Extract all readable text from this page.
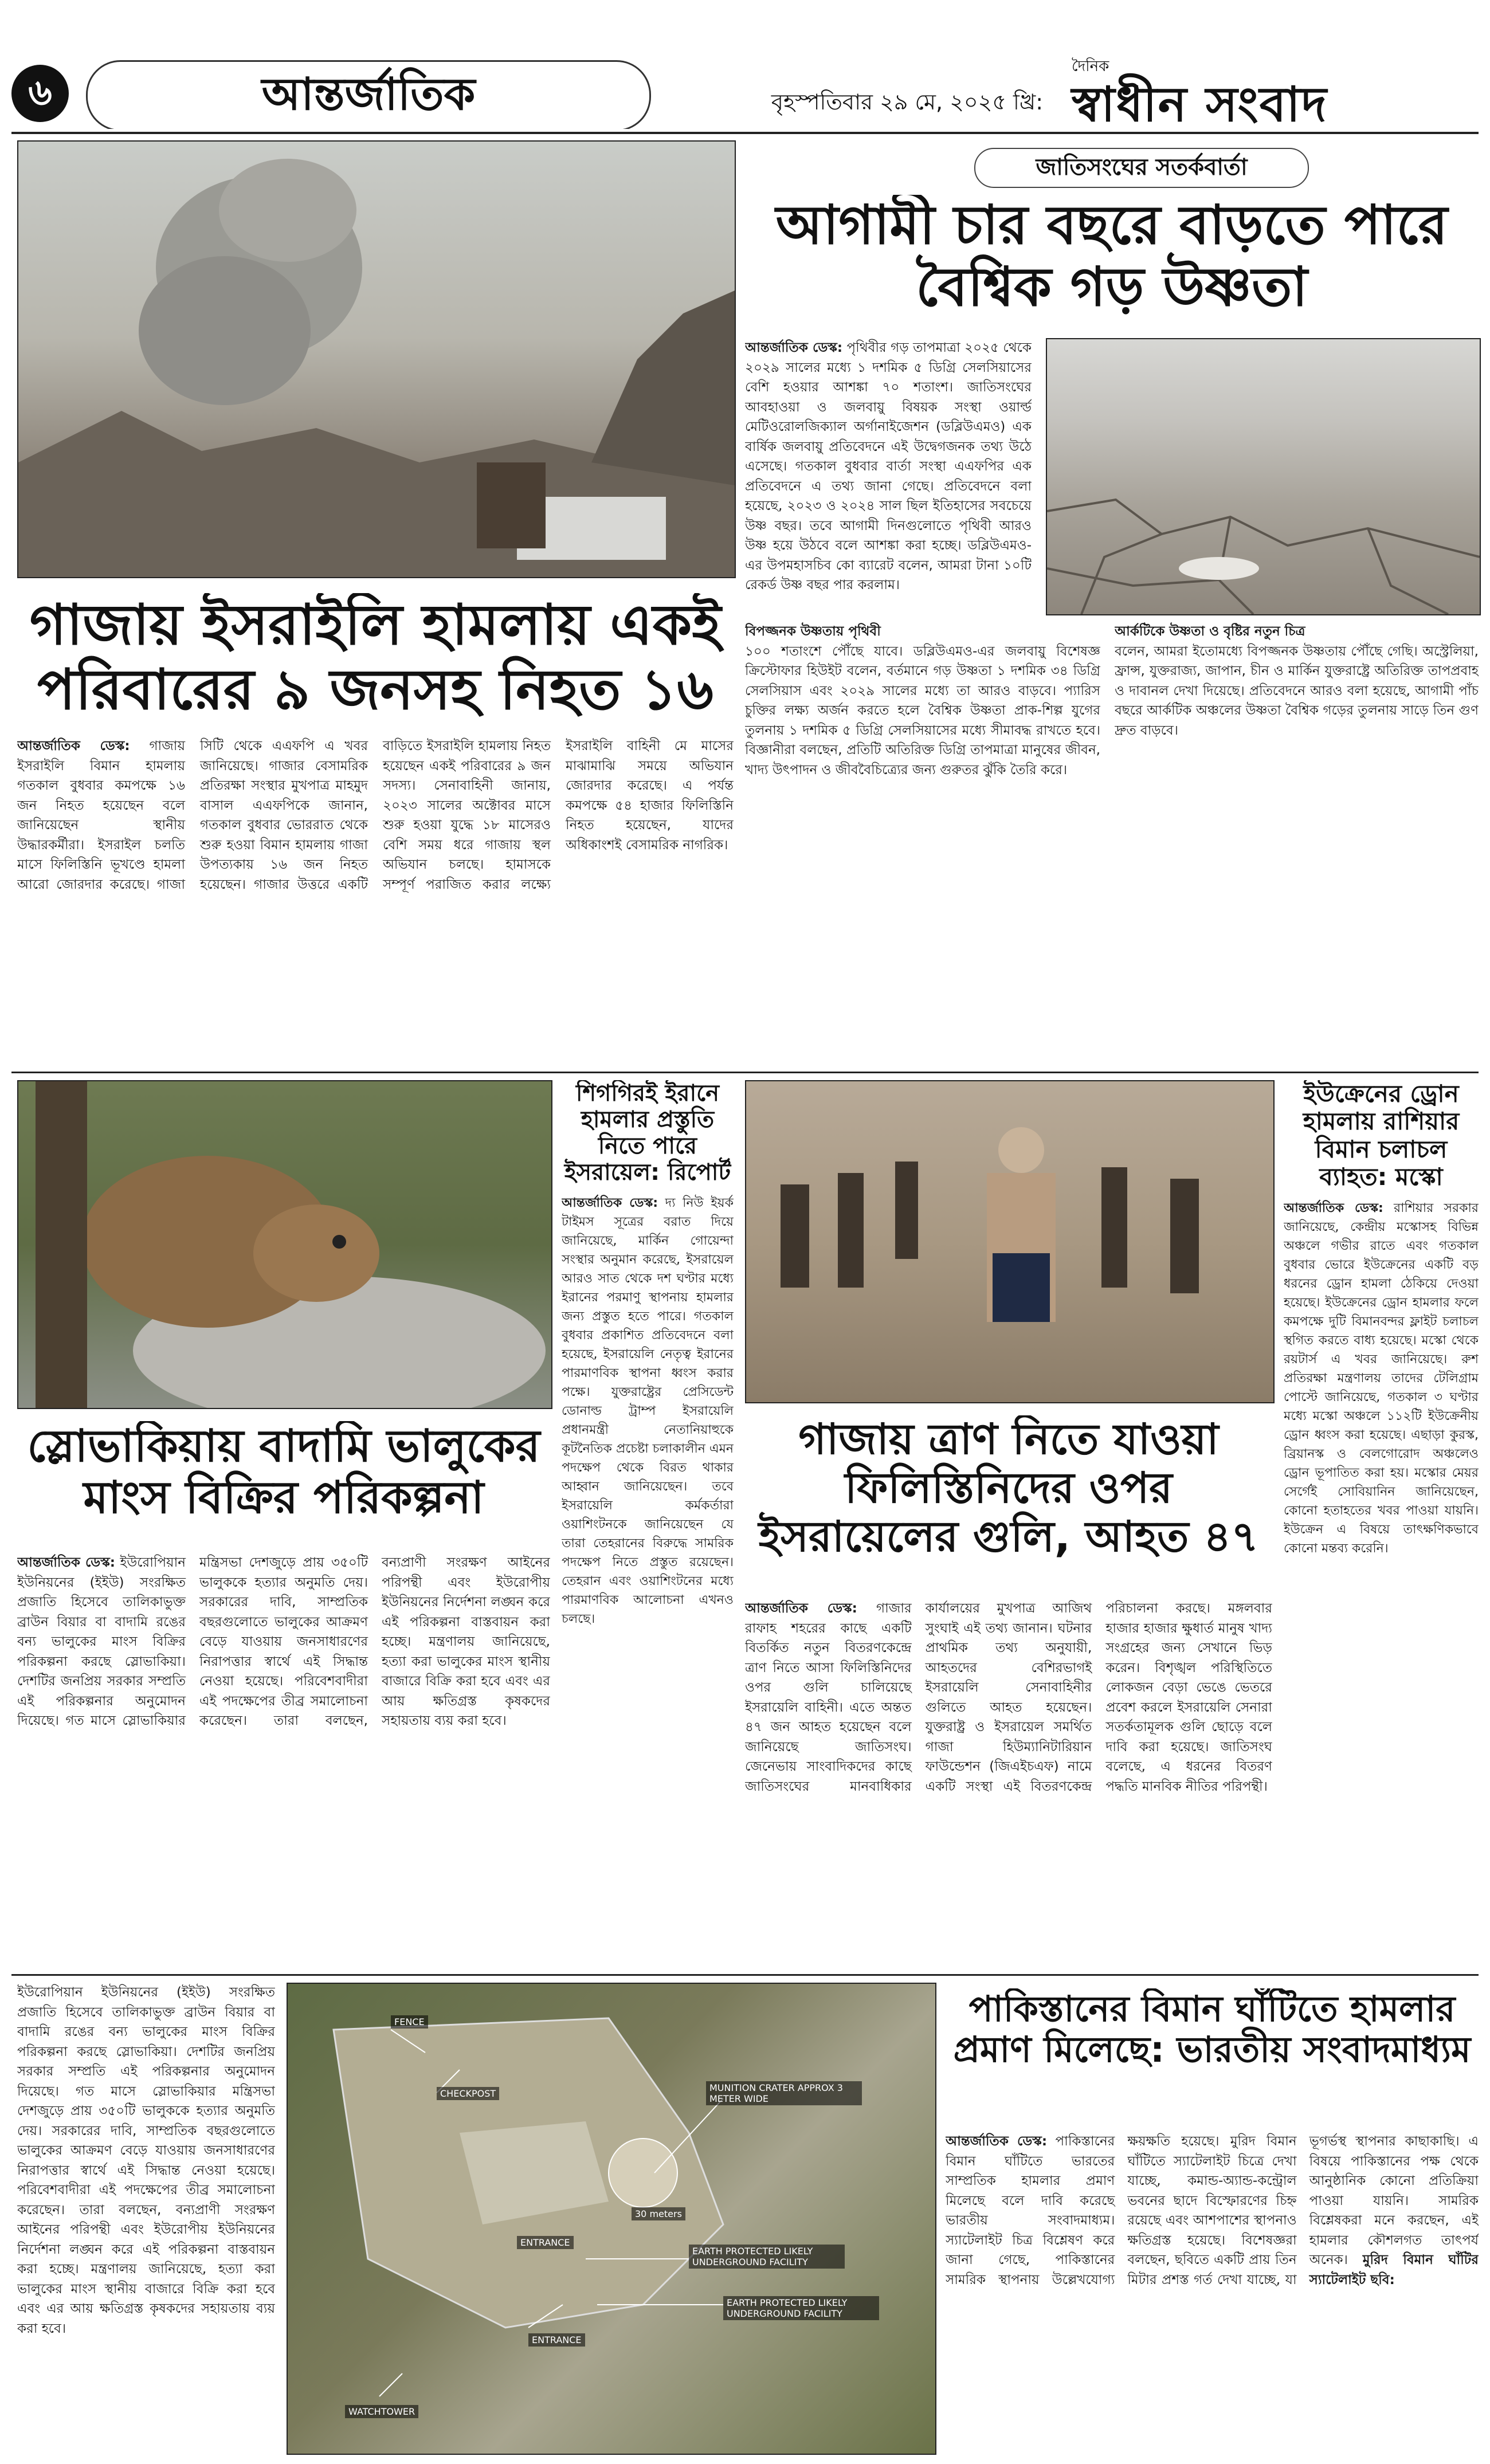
৬	আন্তর্জাতিক	বৃহস্পতিবার ২৯ মে, ২০২৫ খ্রি:
দৈনিক
স্বাধীন সংবাদ
গাজায় ইসরাইলি হামলায় একই পরিবারের ৯ জনসহ নিহত ১৬
আন্তর্জাতিক ডেস্ক: গাজায় ইসরাইলি বিমান হামলায় গতকাল বুধবার কমপক্ষে ১৬ জন নিহত হয়েছেন বলে জানিয়েছেন স্থানীয় উদ্ধারকর্মীরা। ইসরাইল চলতি মাসে ফিলিস্তিনি ভূখণ্ডে হামলা আরো জোরদার করেছে। গাজা সিটি থেকে এএফপি এ খবর জানিয়েছে। গাজার বেসামরিক প্রতিরক্ষা সংস্থার মুখপাত্র মাহমুদ বাসাল এএফপিকে জানান, গতকাল বুধবার ভোররাত থেকে শুরু হওয়া বিমান হামলায় গাজা উপত্যকায় ১৬ জন নিহত হয়েছেন। গাজার উত্তরে একটি বাড়িতে ইসরাইলি হামলায় নিহত হয়েছেন একই পরিবারের ৯ জন সদস্য। সেনাবাহিনী জানায়, ২০২৩ সালের অক্টোবর মাসে শুরু হওয়া যুদ্ধে ১৮ মাসেরও বেশি সময় ধরে গাজায় স্থল অভিযান চলছে। হামাসকে সম্পূর্ণ পরাজিত করার লক্ষ্যে ইসরাইলি বাহিনী মে মাসের মাঝামাঝি সময়ে অভিযান জোরদার করেছে। এ পর্যন্ত কমপক্ষে ৫৪ হাজার ফিলিস্তিনি নিহত হয়েছেন, যাদের অধিকাংশই বেসামরিক নাগরিক।
জাতিসংঘের সতর্কবার্তা
আগামী চার বছরে বাড়তে পারে বৈশ্বিক গড় উষ্ণতা
আন্তর্জাতিক ডেস্ক: পৃথিবীর গড় তাপমাত্রা ২০২৫ থেকে ২০২৯ সালের মধ্যে ১ দশমিক ৫ ডিগ্রি সেলসিয়াসের বেশি হওয়ার আশঙ্কা ৭০ শতাংশ। জাতিসংঘের আবহাওয়া ও জলবায়ু বিষয়ক সংস্থা ওয়ার্ল্ড মেটিওরোলজিক্যাল অর্গানাইজেশন (ডব্লিউএমও) এক বার্ষিক জলবায়ু প্রতিবেদনে এই উদ্বেগজনক তথ্য উঠে এসেছে। গতকাল বুধবার বার্তা সংস্থা এএফপির এক প্রতিবেদনে এ তথ্য জানা গেছে। প্রতিবেদনে বলা হয়েছে, ২০২৩ ও ২০২৪ সাল ছিল ইতিহাসের সবচেয়ে উষ্ণ বছর। তবে আগামী দিনগুলোতে পৃথিবী আরও উষ্ণ হয়ে উঠবে বলে আশঙ্কা করা হচ্ছে। ডব্লিউএমও-এর উপমহাসচিব কো ব্যারেট বলেন, আমরা টানা ১০টি রেকর্ড উষ্ণ বছর পার করলাম।
বিপজ্জনক উষ্ণতায় পৃথিবী
১০০ শতাংশে পৌঁছে যাবে। ডব্লিউএমও-এর জলবায়ু বিশেষজ্ঞ ক্রিস্টোফার হিউইট বলেন, বর্তমানে গড় উষ্ণতা ১ দশমিক ৩৪ ডিগ্রি সেলসিয়াস এবং ২০২৯ সালের মধ্যে তা আরও বাড়বে। প্যারিস চুক্তির লক্ষ্য অর্জন করতে হলে বৈশ্বিক উষ্ণতা প্রাক-শিল্প যুগের তুলনায় ১ দশমিক ৫ ডিগ্রি সেলসিয়াসের মধ্যে সীমাবদ্ধ রাখতে হবে। বিজ্ঞানীরা বলছেন, প্রতিটি অতিরিক্ত ডিগ্রি তাপমাত্রা মানুষের জীবন, খাদ্য উৎপাদন ও জীববৈচিত্র্যের জন্য গুরুতর ঝুঁকি তৈরি করে।
আর্কটিকে উষ্ণতা ও বৃষ্টির নতুন চিত্র
বলেন, আমরা ইতোমধ্যে বিপজ্জনক উষ্ণতায় পৌঁছে গেছি। অস্ট্রেলিয়া, ফ্রান্স, যুক্তরাজ্য, জাপান, চীন ও মার্কিন যুক্তরাষ্ট্রে অতিরিক্ত তাপপ্রবাহ ও দাবানল দেখা দিয়েছে। প্রতিবেদনে আরও বলা হয়েছে, আগামী পাঁচ বছরে আর্কটিক অঞ্চলের উষ্ণতা বৈশ্বিক গড়ের তুলনায় সাড়ে তিন গুণ দ্রুত বাড়বে।
শিগগিরই ইরানে হামলার প্রস্তুতি নিতে পারে ইসরায়েল: রিপোর্ট
আন্তর্জাতিক ডেস্ক: দ্য নিউ ইয়র্ক টাইমস সূত্রের বরাত দিয়ে জানিয়েছে, মার্কিন গোয়েন্দা সংস্থার অনুমান করেছে, ইসরায়েল আরও সাত থেকে দশ ঘণ্টার মধ্যে ইরানের পরমাণু স্থাপনায় হামলার জন্য প্রস্তুত হতে পারে। গতকাল বুধবার প্রকাশিত প্রতিবেদনে বলা হয়েছে, ইসরায়েলি নেতৃত্ব ইরানের পারমাণবিক স্থাপনা ধ্বংস করার পক্ষে। যুক্তরাষ্ট্রের প্রেসিডেন্ট ডোনাল্ড ট্রাম্প ইসরায়েলি প্রধানমন্ত্রী নেতানিয়াহুকে কূটনৈতিক প্রচেষ্টা চলাকালীন এমন পদক্ষেপ থেকে বিরত থাকার আহ্বান জানিয়েছেন। তবে ইসরায়েলি কর্মকর্তারা ওয়াশিংটনকে জানিয়েছেন যে তারা তেহরানের বিরুদ্ধে সামরিক পদক্ষেপ নিতে প্রস্তুত রয়েছেন। তেহরান এবং ওয়াশিংটনের মধ্যে পারমাণবিক আলোচনা এখনও চলছে।
স্লোভাকিয়ায় বাদামি ভালুকের মাংস বিক্রির পরিকল্পনা
আন্তর্জাতিক ডেস্ক: ইউরোপিয়ান ইউনিয়নের (ইইউ) সংরক্ষিত প্রজাতি হিসেবে তালিকাভুক্ত ব্রাউন বিয়ার বা বাদামি রঙের বন্য ভালুকের মাংস বিক্রির পরিকল্পনা করছে স্লোভাকিয়া। দেশটির জনপ্রিয় সরকার সম্প্রতি এই পরিকল্পনার অনুমোদন দিয়েছে। গত মাসে স্লোভাকিয়ার মন্ত্রিসভা দেশজুড়ে প্রায় ৩৫০টি ভালুককে হত্যার অনুমতি দেয়। সরকারের দাবি, সাম্প্রতিক বছরগুলোতে ভালুকের আক্রমণ বেড়ে যাওয়ায় জনসাধারণের নিরাপত্তার স্বার্থে এই সিদ্ধান্ত নেওয়া হয়েছে। পরিবেশবাদীরা এই পদক্ষেপের তীব্র সমালোচনা করেছেন। তারা বলছেন, বন্যপ্রাণী সংরক্ষণ আইনের পরিপন্থী এবং ইউরোপীয় ইউনিয়নের নির্দেশনা লঙ্ঘন করে এই পরিকল্পনা বাস্তবায়ন করা হচ্ছে। মন্ত্রণালয় জানিয়েছে, হত্যা করা ভালুকের মাংস স্থানীয় বাজারে বিক্রি করা হবে এবং এর আয় ক্ষতিগ্রস্ত কৃষকদের সহায়তায় ব্যয় করা হবে।
ইউক্রেনের ড্রোন হামলায় রাশিয়ার বিমান চলাচল ব্যাহত: মস্কো
আন্তর্জাতিক ডেস্ক: রাশিয়ার সরকার জানিয়েছে, কেন্দ্রীয় মস্কোসহ বিভিন্ন অঞ্চলে গভীর রাতে এবং গতকাল বুধবার ভোরে ইউক্রেনের একটি বড় ধরনের ড্রোন হামলা ঠেকিয়ে দেওয়া হয়েছে। ইউক্রেনের ড্রোন হামলার ফলে কমপক্ষে দুটি বিমানবন্দর ফ্লাইট চলাচল স্থগিত করতে বাধ্য হয়েছে। মস্কো থেকে রয়টার্স এ খবর জানিয়েছে। রুশ প্রতিরক্ষা মন্ত্রণালয় তাদের টেলিগ্রাম পোস্টে জানিয়েছে, গতকাল ৩ ঘণ্টার মধ্যে মস্কো অঞ্চলে ১১২টি ইউক্রেনীয় ড্রোন ধ্বংস করা হয়েছে। এছাড়া কুরস্ক, ব্রিয়ানস্ক ও বেলগোরোদ অঞ্চলেও ড্রোন ভূপাতিত করা হয়। মস্কোর মেয়র সের্গেই সোবিয়ানিন জানিয়েছেন, কোনো হতাহতের খবর পাওয়া যায়নি। ইউক্রেন এ বিষয়ে তাৎক্ষণিকভাবে কোনো মন্তব্য করেনি।
গাজায় ত্রাণ নিতে যাওয়া ফিলিস্তিনিদের ওপর ইসরায়েলের গুলি, আহত ৪৭
আন্তর্জাতিক ডেস্ক: গাজার রাফাহ শহরের কাছে একটি বিতর্কিত নতুন বিতরণকেন্দ্রে ত্রাণ নিতে আসা ফিলিস্তিনিদের ওপর গুলি চালিয়েছে ইসরায়েলি বাহিনী। এতে অন্তত ৪৭ জন আহত হয়েছেন বলে জানিয়েছে জাতিসংঘ। জেনেভায় সাংবাদিকদের কাছে জাতিসংঘের মানবাধিকার কার্যালয়ের মুখপাত্র আজিথ সুংঘাই এই তথ্য জানান। ঘটনার প্রাথমিক তথ্য অনুযায়ী, আহতদের বেশিরভাগই ইসরায়েলি সেনাবাহিনীর গুলিতে আহত হয়েছেন। যুক্তরাষ্ট্র ও ইসরায়েল সমর্থিত গাজা হিউম্যানিটারিয়ান ফাউন্ডেশন (জিএইচএফ) নামে একটি সংস্থা এই বিতরণকেন্দ্র পরিচালনা করছে। মঙ্গলবার হাজার হাজার ক্ষুধার্ত মানুষ খাদ্য সংগ্রহের জন্য সেখানে ভিড় করেন। বিশৃঙ্খল পরিস্থিতিতে লোকজন বেড়া ভেঙে ভেতরে প্রবেশ করলে ইসরায়েলি সেনারা সতর্কতামূলক গুলি ছোড়ে বলে দাবি করা হয়েছে। জাতিসংঘ বলেছে, এ ধরনের বিতরণ পদ্ধতি মানবিক নীতির পরিপন্থী।
FENCE
CHECKPOST
ENTRANCE
ENTRANCE
MUNITION CRATER APPROX 3 METER WIDE
30 meters
EARTH PROTECTED LIKELY UNDERGROUND FACILITY
EARTH PROTECTED LIKELY UNDERGROUND FACILITY
WATCHTOWER
ইউরোপিয়ান ইউনিয়নের (ইইউ) সংরক্ষিত প্রজাতি হিসেবে তালিকাভুক্ত ব্রাউন বিয়ার বা বাদামি রঙের বন্য ভালুকের মাংস বিক্রির পরিকল্পনা করছে স্লোভাকিয়া। দেশটির জনপ্রিয় সরকার সম্প্রতি এই পরিকল্পনার অনুমোদন দিয়েছে। গত মাসে স্লোভাকিয়ার মন্ত্রিসভা দেশজুড়ে প্রায় ৩৫০টি ভালুককে হত্যার অনুমতি দেয়। সরকারের দাবি, সাম্প্রতিক বছরগুলোতে ভালুকের আক্রমণ বেড়ে যাওয়ায় জনসাধারণের নিরাপত্তার স্বার্থে এই সিদ্ধান্ত নেওয়া হয়েছে। পরিবেশবাদীরা এই পদক্ষেপের তীব্র সমালোচনা করেছেন। তারা বলছেন, বন্যপ্রাণী সংরক্ষণ আইনের পরিপন্থী এবং ইউরোপীয় ইউনিয়নের নির্দেশনা লঙ্ঘন করে এই পরিকল্পনা বাস্তবায়ন করা হচ্ছে। মন্ত্রণালয় জানিয়েছে, হত্যা করা ভালুকের মাংস স্থানীয় বাজারে বিক্রি করা হবে এবং এর আয় ক্ষতিগ্রস্ত কৃষকদের সহায়তায় ব্যয় করা হবে।
পাকিস্তানের বিমান ঘাঁটিতে হামলার প্রমাণ মিলেছে: ভারতীয় সংবাদমাধ্যম
আন্তর্জাতিক ডেস্ক: পাকিস্তানের বিমান ঘাঁটিতে ভারতের সাম্প্রতিক হামলার প্রমাণ মিলেছে বলে দাবি করেছে ভারতীয় সংবাদমাধ্যম। স্যাটেলাইট চিত্র বিশ্লেষণ করে জানা গেছে, পাকিস্তানের সামরিক স্থাপনায় উল্লেখযোগ্য ক্ষয়ক্ষতি হয়েছে। মুরিদ বিমান ঘাঁটিতে স্যাটেলাইট চিত্রে দেখা যাচ্ছে, কমান্ড-অ্যান্ড-কন্ট্রোল ভবনের ছাদে বিস্ফোরণের চিহ্ন রয়েছে এবং আশপাশের স্থাপনাও ক্ষতিগ্রস্ত হয়েছে। বিশেষজ্ঞরা বলছেন, ছবিতে একটি প্রায় তিন মিটার প্রশস্ত গর্ত দেখা যাচ্ছে, যা ভূগর্ভস্থ স্থাপনার কাছাকাছি। এ বিষয়ে পাকিস্তানের পক্ষ থেকে আনুষ্ঠানিক কোনো প্রতিক্রিয়া পাওয়া যায়নি। সামরিক বিশ্লেষকরা মনে করছেন, এই হামলার কৌশলগত তাৎপর্য অনেক। মুরিদ বিমান ঘাঁটির স্যাটেলাইট ছবি:
